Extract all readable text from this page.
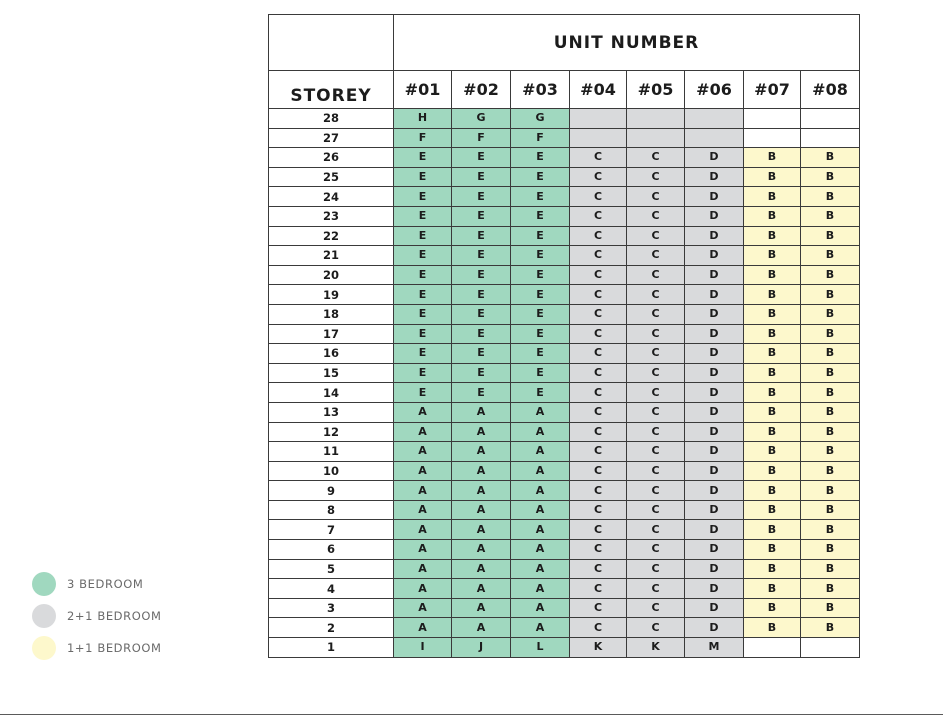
	UNIT NUMBER							
STOREY	#01	#02	#03	#04	#05	#06	#07	#08
28	H	G	G					
27	F	F	F					
26	E	E	E	C	C	D	B	B
25	E	E	E	C	C	D	B	B
24	E	E	E	C	C	D	B	B
23	E	E	E	C	C	D	B	B
22	E	E	E	C	C	D	B	B
21	E	E	E	C	C	D	B	B
20	E	E	E	C	C	D	B	B
19	E	E	E	C	C	D	B	B
18	E	E	E	C	C	D	B	B
17	E	E	E	C	C	D	B	B
16	E	E	E	C	C	D	B	B
15	E	E	E	C	C	D	B	B
14	E	E	E	C	C	D	B	B
13	A	A	A	C	C	D	B	B
12	A	A	A	C	C	D	B	B
11	A	A	A	C	C	D	B	B
10	A	A	A	C	C	D	B	B
9	A	A	A	C	C	D	B	B
8	A	A	A	C	C	D	B	B
7	A	A	A	C	C	D	B	B
6	A	A	A	C	C	D	B	B
5	A	A	A	C	C	D	B	B
4	A	A	A	C	C	D	B	B
3	A	A	A	C	C	D	B	B
2	A	A	A	C	C	D	B	B
1	I	J	L	K	K	M		
3 BEDROOM
2+1 BEDROOM
1+1 BEDROOM
